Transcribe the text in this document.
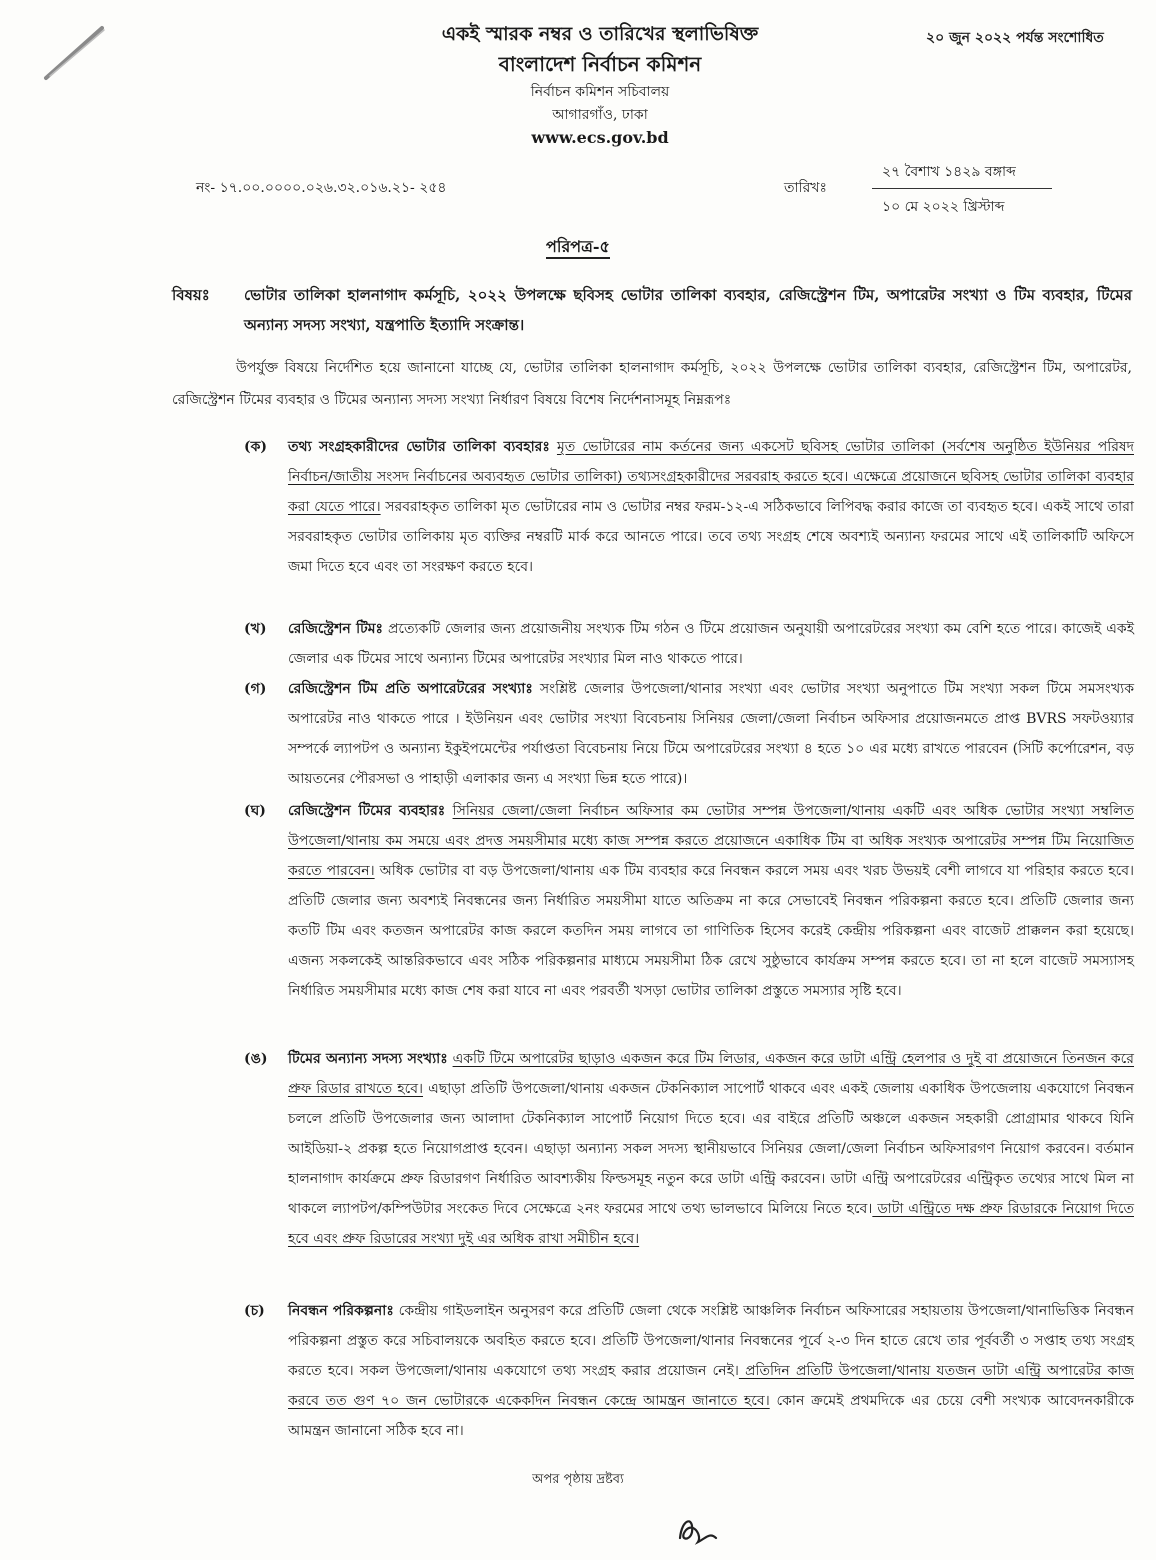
২০ জুন ২০২২ পর্যন্ত সংশোধিত
একই স্মারক নম্বর ও তারিখের স্থলাভিষিক্ত
বাংলাদেশ নির্বাচন কমিশন
নির্বাচন কমিশন সচিবালয়
আগারগাঁও, ঢাকা
www.ecs.gov.bd
নং- ১৭.০০.০০০০.০২৬.৩২.০১৬.২১- ২৫৪	তারিখঃ
২৭ বৈশাখ ১৪২৯ বঙ্গাব্দ
১০ মে ২০২২ খ্রিস্টাব্দ
পরিপত্র-৫
বিষয়ঃ ভোটার তালিকা হালনাগাদ কর্মসূচি, ২০২২ উপলক্ষে ছবিসহ ভোটার তালিকা ব্যবহার, রেজিস্ট্রেশন টিম, অপারেটর সংখ্যা ও টিম ব্যবহার, টিমের অন্যান্য সদস্য সংখ্যা, যন্ত্রপাতি ইত্যাদি সংক্রান্ত।
উপর্যুক্ত বিষয়ে নির্দেশিত হয়ে জানানো যাচ্ছে যে, ভোটার তালিকা হালনাগাদ কর্মসূচি, ২০২২ উপলক্ষে ভোটার তালিকা ব্যবহার, রেজিস্ট্রেশন টিম, অপারেটর, রেজিস্ট্রেশন টিমের ব্যবহার ও টিমের অন্যান্য সদস্য সংখ্যা নির্ধারণ বিষয়ে বিশেষ নির্দেশনাসমূহ নিম্নরূপঃ
(ক) তথ্য সংগ্রহকারীদের ভোটার তালিকা ব্যবহারঃ মৃত ভোটারের নাম কর্তনের জন্য একসেট ছবিসহ ভোটার তালিকা (সর্বশেষ অনুষ্ঠিত ইউনিয়র পরিষদ নির্বাচন/জাতীয় সংসদ নির্বাচনের অব্যবহৃত ভোটার তালিকা) তথ্যসংগ্রহকারীদের সরবরাহ করতে হবে। এক্ষেত্রে প্রয়োজনে ছবিসহ ভোটার তালিকা ব্যবহার করা যেতে পারে। সরবরাহকৃত তালিকা মৃত ভোটারের নাম ও ভোটার নম্বর ফরম-১২-এ সঠিকভাবে লিপিবদ্ধ করার কাজে তা ব্যবহৃত হবে। একই সাথে তারা সরবরাহকৃত ভোটার তালিকায় মৃত ব্যক্তির নম্বরটি মার্ক করে আনতে পারে। তবে তথ্য সংগ্রহ শেষে অবশ্যই অন্যান্য ফরমের সাথে এই তালিকাটি অফিসে জমা দিতে হবে এবং তা সংরক্ষণ করতে হবে।
(খ) রেজিস্ট্রেশন টিমঃ প্রত্যেকটি জেলার জন্য প্রয়োজনীয় সংখ্যক টিম গঠন ও টিমে প্রয়োজন অনুযায়ী অপারেটরের সংখ্যা কম বেশি হতে পারে। কাজেই একই জেলার এক টিমের সাথে অন্যান্য টিমের অপারেটর সংখ্যার মিল নাও থাকতে পারে।
(গ) রেজিস্ট্রেশন টিম প্রতি অপারেটরের সংখ্যাঃ সংশ্লিষ্ট জেলার উপজেলা/থানার সংখ্যা এবং ভোটার সংখ্যা অনুপাতে টিম সংখ্যা সকল টিমে সমসংখ্যক অপারেটর নাও থাকতে পারে । ইউনিয়ন এবং ভোটার সংখ্যা বিবেচনায় সিনিয়র জেলা/জেলা নির্বাচন অফিসার প্রয়োজনমতে প্রাপ্ত BVRS সফটওয়্যার সম্পর্কে ল্যাপটপ ও অন্যান্য ইকুইপমেন্টের পর্যাপ্ততা বিবেচনায় নিয়ে টিমে অপারেটরের সংখ্যা ৪ হতে ১০ এর মধ্যে রাখতে পারবেন (সিটি কর্পোরেশন, বড় আয়তনের পৌরসভা ও পাহাড়ী এলাকার জন্য এ সংখ্যা ভিন্ন হতে পারে)।
(ঘ) রেজিস্ট্রেশন টিমের ব্যবহারঃ সিনিয়র জেলা/জেলা নির্বাচন অফিসার কম ভোটার সম্পন্ন উপজেলা/থানায় একটি এবং অধিক ভোটার সংখ্যা সম্বলিত উপজেলা/থানায় কম সময়ে এবং প্রদত্ত সময়সীমার মধ্যে কাজ সম্পন্ন করতে প্রয়োজনে একাধিক টিম বা অধিক সংখ্যক অপারেটর সম্পন্ন টিম নিয়োজিত করতে পারবেন। অধিক ভোটার বা বড় উপজেলা/থানায় এক টিম ব্যবহার করে নিবন্ধন করলে সময় এবং খরচ উভয়ই বেশী লাগবে যা পরিহার করতে হবে। প্রতিটি জেলার জন্য অবশ্যই নিবন্ধনের জন্য নির্ধারিত সময়সীমা যাতে অতিক্রম না করে সেভাবেই নিবন্ধন পরিকল্পনা করতে হবে। প্রতিটি জেলার জন্য কতটি টিম এবং কতজন অপারেটর কাজ করলে কতদিন সময় লাগবে তা গাণিতিক হিসেব করেই কেন্দ্রীয় পরিকল্পনা এবং বাজেট প্রাক্কলন করা হয়েছে। এজন্য সকলকেই আন্তরিকভাবে এবং সঠিক পরিকল্পনার মাধ্যমে সময়সীমা ঠিক রেখে সুষ্ঠুভাবে কার্যক্রম সম্পন্ন করতে হবে। তা না হলে বাজেট সমস্যাসহ নির্ধারিত সময়সীমার মধ্যে কাজ শেষ করা যাবে না এবং পরবর্তী খসড়া ভোটার তালিকা প্রস্তুতে সমস্যার সৃষ্টি হবে।
(ঙ) টিমের অন্যান্য সদস্য সংখ্যাঃ একটি টিমে অপারেটর ছাড়াও একজন করে টিম লিডার, একজন করে ডাটা এন্ট্রি হেলপার ও দুই বা প্রয়োজনে তিনজন করে প্রুফ রিডার রাখতে হবে। এছাড়া প্রতিটি উপজেলা/থানায় একজন টেকনিক্যাল সাপোর্ট থাকবে এবং একই জেলায় একাধিক উপজেলায় একযোগে নিবন্ধন চললে প্রতিটি উপজেলার জন্য আলাদা টেকনিক্যাল সাপোর্ট নিয়োগ দিতে হবে। এর বাইরে প্রতিটি অঞ্চলে একজন সহকারী প্রোগ্রামার থাকবে যিনি আইডিয়া-২ প্রকল্প হতে নিয়োগপ্রাপ্ত হবেন। এছাড়া অন্যান্য সকল সদস্য স্থানীয়ভাবে সিনিয়র জেলা/জেলা নির্বাচন অফিসারগণ নিয়োগ করবেন। বর্তমান হালনাগাদ কার্যক্রমে প্রুফ রিডারগণ নির্ধারিত আবশ্যকীয় ফিল্ডসমূহ নতুন করে ডাটা এন্ট্রি করবেন। ডাটা এন্ট্রি অপারেটরের এন্ট্রিকৃত তথ্যের সাথে মিল না থাকলে ল্যাপটপ/কম্পিউটার সংকেত দিবে সেক্ষেত্রে ২নং ফরমের সাথে তথ্য ভালভাবে মিলিয়ে নিতে হবে। ডাটা এন্ট্রিতে দক্ষ প্রুফ রিডারকে নিয়োগ দিতে হবে এবং প্রুফ রিডারের সংখ্যা দুই এর অধিক রাখা সমীচীন হবে।
(চ) নিবন্ধন পরিকল্পনাঃ কেন্দ্রীয় গাইডলাইন অনুসরণ করে প্রতিটি জেলা থেকে সংশ্লিষ্ট আঞ্চলিক নির্বাচন অফিসারের সহায়তায় উপজেলা/থানাভিত্তিক নিবন্ধন পরিকল্পনা প্রস্তুত করে সচিবালয়কে অবহিত করতে হবে। প্রতিটি উপজেলা/থানার নিবন্ধনের পূর্বে ২-৩ দিন হাতে রেখে তার পূর্ববর্তী ৩ সপ্তাহ তথ্য সংগ্রহ করতে হবে। সকল উপজেলা/থানায় একযোগে তথ্য সংগ্রহ করার প্রয়োজন নেই। প্রতিদিন প্রতিটি উপজেলা/থানায় যতজন ডাটা এন্ট্রি অপারেটর কাজ করবে তত গুণ ৭০ জন ভোটারকে একেকদিন নিবন্ধন কেন্দ্রে আমন্ত্রন জানাতে হবে। কোন ক্রমেই প্রথমদিকে এর চেয়ে বেশী সংখ্যক আবেদনকারীকে আমন্ত্রন জানানো সঠিক হবে না।
অপর পৃষ্ঠায় দ্রষ্টব্য
